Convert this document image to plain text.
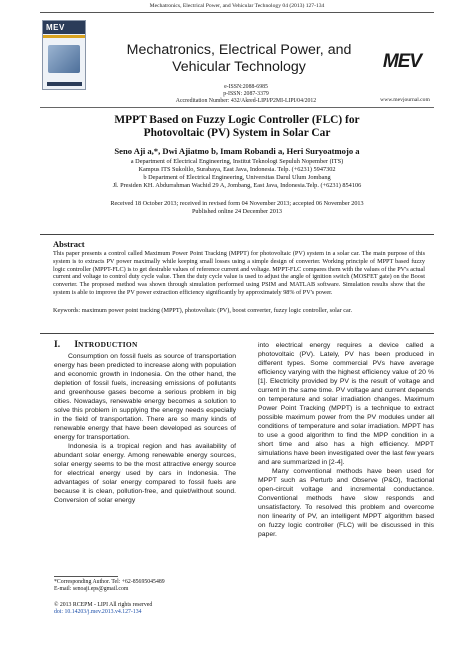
Mechatronics, Electrical Power, and Vehicular Technology 04 (2013) 127-134
MEV
Mechatronics, Electrical Power, and
Vehicular Technology
e-ISSN:2088-6985
p-ISSN: 2087-3379
Accreditation Number: 432/Akred-LIPI/P2MI-LIPI/04/2012
MEV
www.mevjournal.com
MPPT Based on Fuzzy Logic Controller (FLC) for
Photovoltaic (PV) System in Solar Car
Seno Aji a,*, Dwi Ajiatmo b, Imam Robandi a, Heri Suryoatmojo a
a Department of Electrical Engineering, Institut Teknologi Sepuluh Nopember (ITS)
Kampus ITS Sukolilo, Surabaya, East Java, Indonesia. Telp. (+6231) 5947302
b Department of Electrical Engineering, Universitas Darul Ulum Jombang
Jl. Presiden KH. Abdurrahman Wachid 29 A, Jombang, East Java, Indonesia.Telp. (+6231) 854106
Received 18 October 2013; received in revised form 04 November 2013; accepted 06 November 2013
Published online 24 December 2013
Abstract
This paper presents a control called Maximum Power Point Tracking (MPPT) for photovoltaic (PV) system in a solar car. The main purpose of this system is to extracts PV power maximally while keeping small losses using a simple design of converter. Working principle of MPPT based fuzzy logic controller (MPPT-FLC) is to get desirable values of reference current and voltage. MPPT-FLC compares them with the values of the PV's actual current and voltage to control duty cycle value. Then the duty cycle value is used to adjust the angle of ignition switch (MOSFET gate) on the Boost converter. The proposed method was shown through simulation performed using PSIM and MATLAB software. Simulation results show that the system is able to improve the PV power extraction efficiency significantly by approximately 98% of PV's power.
Keywords: maximum power point tracking (MPPT), photovoltaic (PV), boost converter, fuzzy logic controller, solar car.
I. INTRODUCTION

Consumption on fossil fuels as source of transportation energy has been predicted to increase along with population and economic growth in Indonesia. On the other hand, the depletion of fossil fuels, increasing emissions of pollutants and greenhouse gases become a serious problem in big cities. Nowadays, renewable energy becomes a solution to solve this problem in supplying the energy needs especially in the field of transportation. There are so many kinds of renewable energy that have been developed as sources of energy for transportation.

Indonesia is a tropical region and has availability of abundant solar energy. Among renewable energy sources, solar energy seems to be the most attractive energy source for electrical energy used by cars in Indonesia. The advantages of solar energy compared to fossil fuels are because it is clean, pollution-free, and quiet/without sound. Conversion of solar energy

into electrical energy requires a device called a photovoltaic (PV). Lately, PV has been produced in different types. Some commercial PVs have average efficiency varying with the highest efficiency value of 20 % [1]. Electricity provided by PV is the result of voltage and current in the same time. PV voltage and current depends on temperature and solar irradiation changes. Maximum Power Point Tracking (MPPT) is a technique to extract possible maximum power from the PV modules under all conditions of temperature and solar irradiation. MPPT has to use a good algorithm to find the MPP condition in a short time and also has a high efficiency. MPPT simulations have been investigated over the last few years and are summarized in [2-4].

Many conventional methods have been used for MPPT such as Perturb and Observe (P&O), fractional open-circuit voltage and incremental conductance. Conventional methods have slow responds and unsatisfactory. To resolved this problem and overcome non linearity of PV, an intelligent MPPT algorithm based on fuzzy logic controller (FLC) will be discussed in this paper.

*Corresponding Author. Tel: +62-85695045489
E-mail: senoaji.eps@gmail.com
© 2013 RCEPM - LIPI All rights reserved
doi: 10.14203/j.mev.2013.v4.127-134
